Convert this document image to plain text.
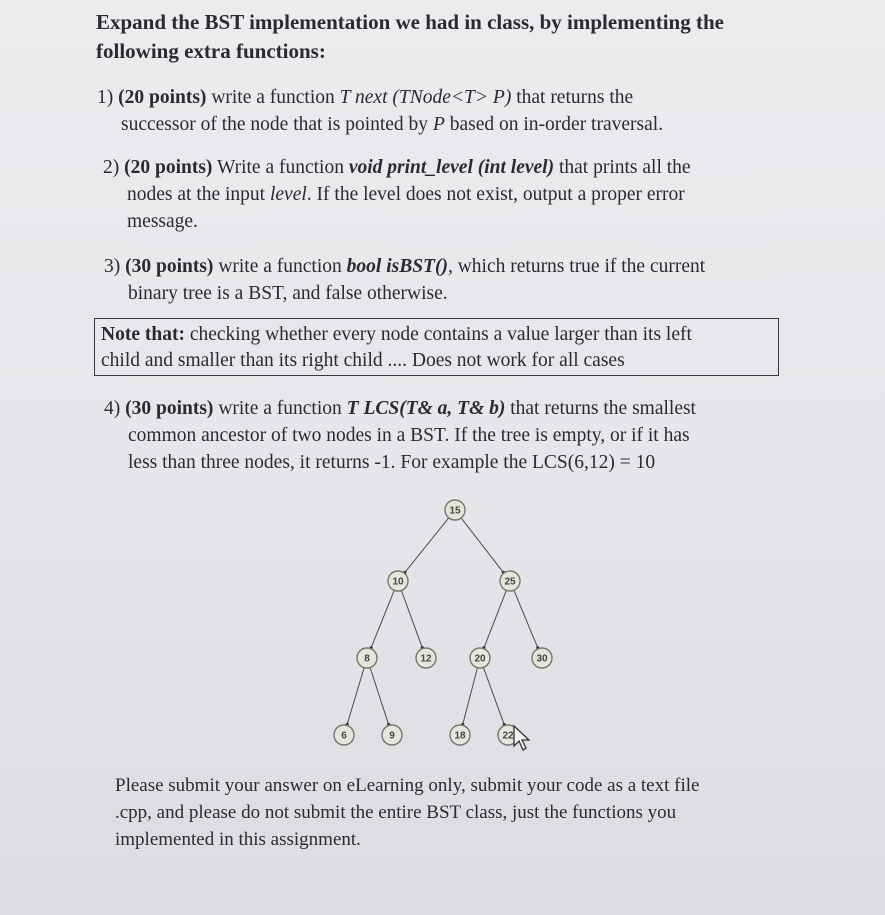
Expand the BST implementation we had in class, by implementing the
following extra functions:
1) (20 points) write a function T next (TNode<T> P) that returns the
successor of the node that is pointed by P based on in-order traversal.
2) (20 points) Write a function void print_level (int level) that prints all the
nodes at the input level. If the level does not exist, output a proper error
message.
3) (30 points) write a function bool isBST(), which returns true if the current
binary tree is a BST, and false otherwise.
Note that: checking whether every node contains a value larger than its left
child and smaller than its right child .... Does not work for all cases
4) (30 points) write a function T LCS(T& a, T& b) that returns the smallest
common ancestor of two nodes in a BST. If the tree is empty, or if it has
less than three nodes, it returns -1. For example the LCS(6,12) = 10
15
10	25
8	12	20	30
6	9	18	22
Please submit your answer on eLearning only, submit your code as a text file
.cpp, and please do not submit the entire BST class, just the functions you
implemented in this assignment.
